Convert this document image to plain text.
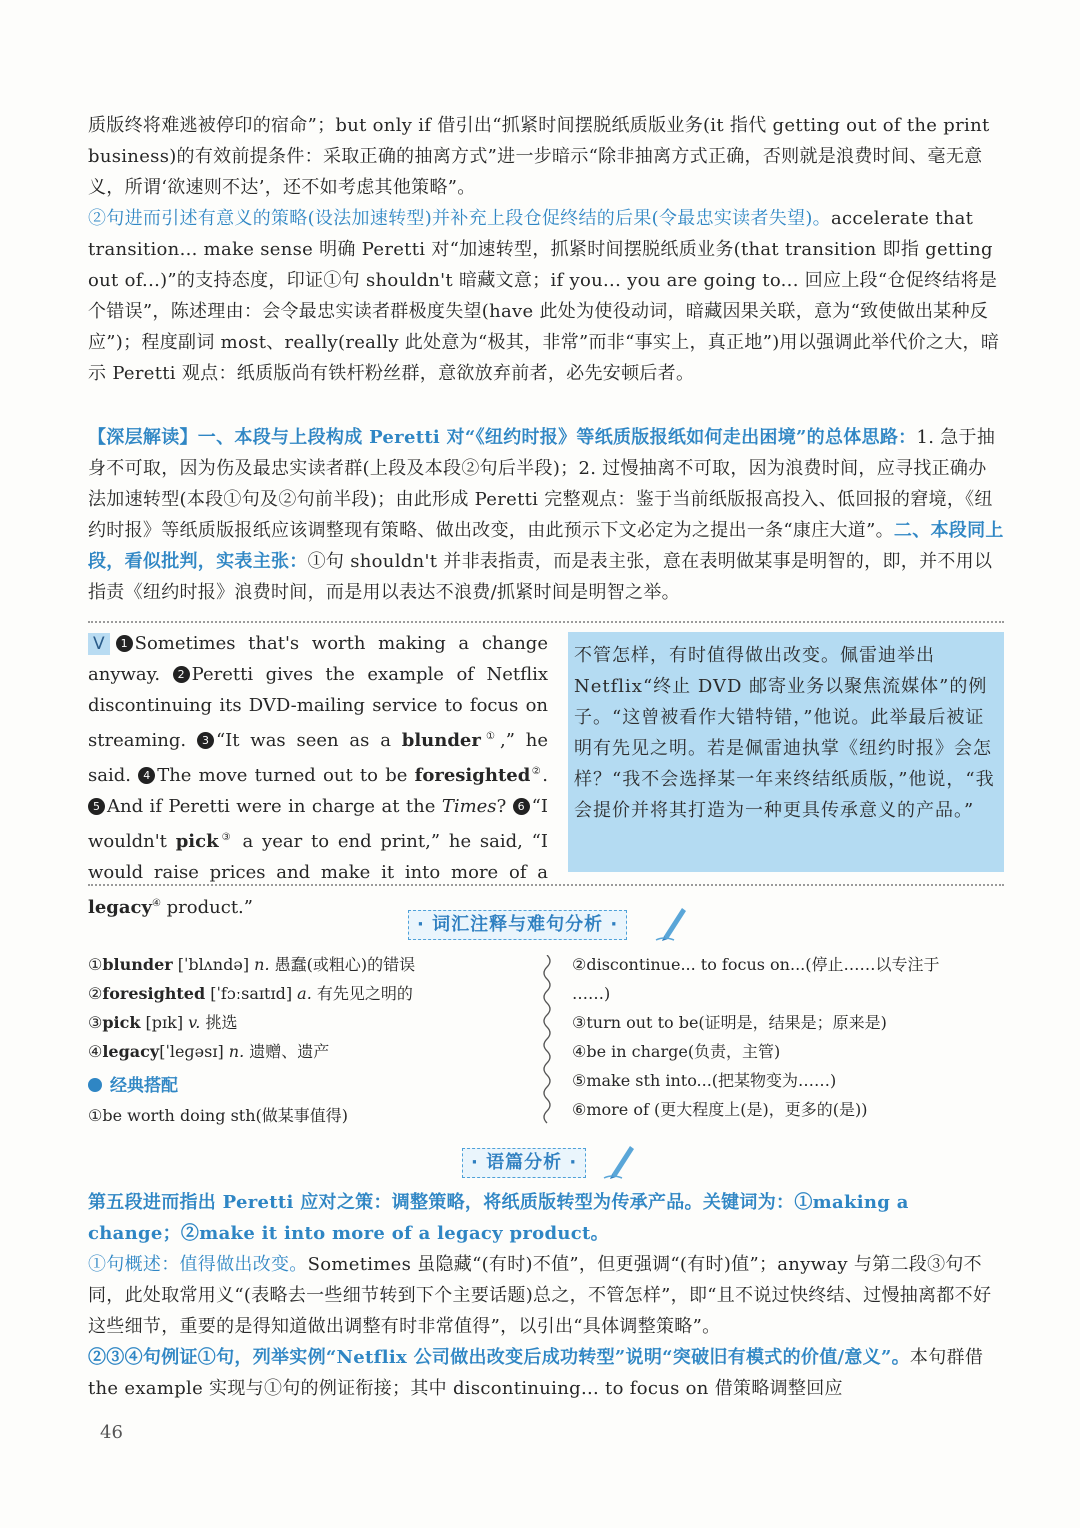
质版终将难逃被停印的宿命”；but only if 借引出“抓紧时间摆脱纸质版业务(it 指代 getting out of the print business)的有效前提条件：采取正确的抽离方式”进一步暗示“除非抽离方式正确，否则就是浪费时间、毫无意义，所谓‘欲速则不达’，还不如考虑其他策略”。
②句进而引述有意义的策略(设法加速转型)并补充上段仓促终结的后果(令最忠实读者失望)。accelerate that transition... make sense 明确 Peretti 对“加速转型，抓紧时间摆脱纸质业务(that transition 即指 getting out of...)”的支持态度，印证①句 shouldn't 暗藏文意；if you... you are going to... 回应上段“仓促终结将是个错误”，陈述理由：会令最忠实读者群极度失望(have 此处为使役动词，暗藏因果关联，意为“致使做出某种反应”)；程度副词 most、really(really 此处意为“极其，非常”而非“事实上，真正地”)用以强调此举代价之大，暗示 Peretti 观点：纸质版尚有铁杆粉丝群，意欲放弃前者，必先安顿后者。
【深层解读】一、本段与上段构成 Peretti 对“《纽约时报》等纸质版报纸如何走出困境”的总体思路：1. 急于抽身不可取，因为伤及最忠实读者群(上段及本段②句后半段)；2. 过慢抽离不可取，因为浪费时间，应寻找正确办法加速转型(本段①句及②句前半段)；由此形成 Peretti 完整观点：鉴于当前纸版报高投入、低回报的窘境，《纽约时报》等纸质版报纸应该调整现有策略、做出改变，由此预示下文必定为之提出一条“康庄大道”。二、本段同上段，看似批判，实表主张：①句 shouldn't 并非表指责，而是表主张，意在表明做某事是明智的，即，并不用以指责《纽约时报》浪费时间，而是用以表达不浪费/抓紧时间是明智之举。
V 1 Sometimes that's worth making a change anyway. 2 Peretti gives the example of Netflix discontinuing its DVD-mailing service to focus on streaming. 3 “It was seen as a blunder①,” he said. 4 The move turned out to be foresighted②. 5 And if Peretti were in charge at the Times? 6 “I wouldn't pick③ a year to end print,” he said, “I would raise prices and make it into more of a legacy④ product.”
不管怎样，有时值得做出改变。佩雷迪举出Netflix“终止 DVD 邮寄业务以聚焦流媒体”的例子。“这曾被看作大错特错，”他说。此举最后被证明有先见之明。若是佩雷迪执掌《纽约时报》会怎样？“我不会选择某一年来终结纸质版，”他说，“我会提价并将其打造为一种更具传承意义的产品。”
· 词汇注释与难句分析 ·
①blunder [ˈblʌndə] n. 愚蠢(或粗心)的错误
②foresighted [ˈfɔːsaɪtɪd] a. 有先见之明的
③pick [pɪk] v. 挑选
④legacy[ˈleɡəsɪ] n. 遗赠、遗产
经典搭配
①be worth doing sth(做某事值得)
②discontinue... to focus on...(停止……以专注于
……)
③turn out to be(证明是，结果是；原来是)
④be in charge(负责，主管)
⑤make sth into...(把某物变为……)
⑥more of (更大程度上(是)，更多的(是))
· 语篇分析 ·
第五段进而指出 Peretti 应对之策：调整策略，将纸质版转型为传承产品。关键词为：①making a change；②make it into more of a legacy product。
①句概述：值得做出改变。Sometimes 虽隐藏“(有时)不值”，但更强调“(有时)值”；anyway 与第二段③句不同，此处取常用义“(表略去一些细节转到下个主要话题)总之，不管怎样”，即“且不说过快终结、过慢抽离都不好这些细节，重要的是得知道做出调整有时非常值得”，以引出“具体调整策略”。
②③④句例证①句，列举实例“Netflix 公司做出改变后成功转型”说明“突破旧有模式的价值/意义”。本句群借 the example 实现与①句的例证衔接；其中 discontinuing... to focus on 借策略调整回应
46
